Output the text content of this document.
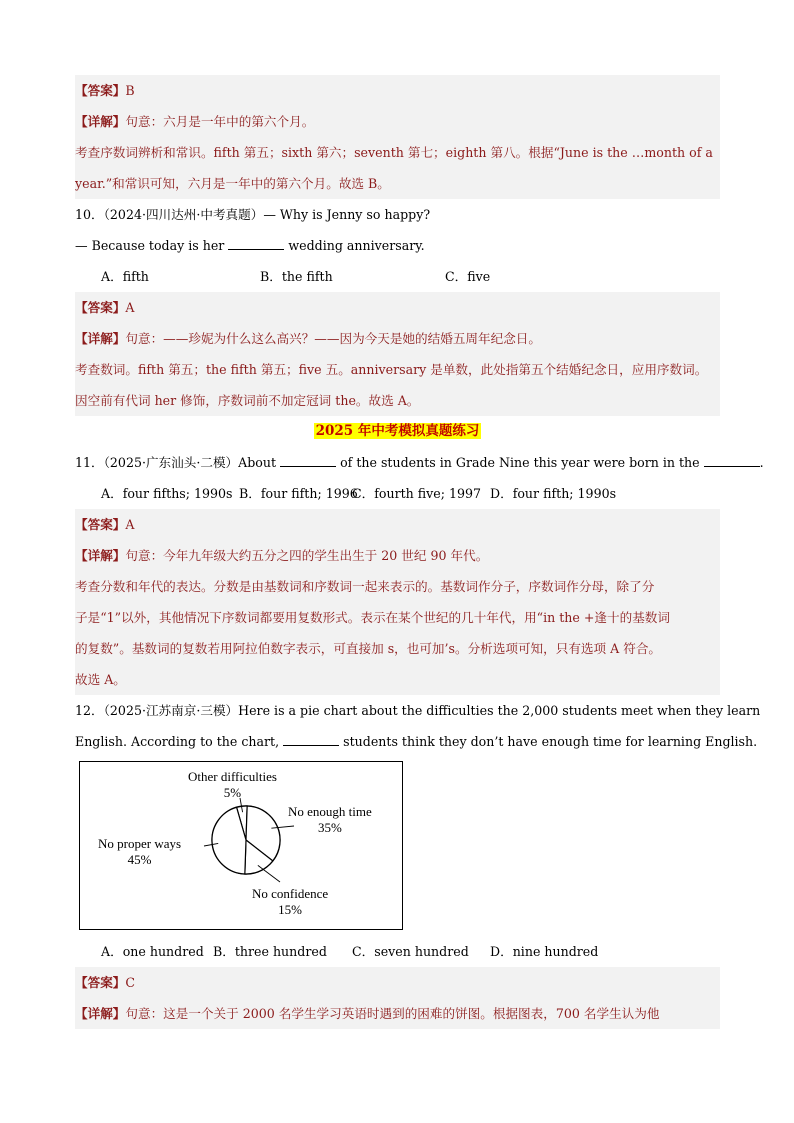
【答案】B
【详解】句意：六月是一年中的第六个月。
考查序数词辨析和常识。fifth 第五；sixth 第六；seventh 第七；eighth 第八。根据“June is the …month of a
year.”和常识可知，六月是一年中的第六个月。故选 B。
10．（2024·四川达州·中考真题）— Why is Jenny so happy?
— Because today is her	wedding anniversary.
A．fifth	B．the fifth	C．five
【答案】A
【详解】句意：——珍妮为什么这么高兴？——因为今天是她的结婚五周年纪念日。
考查数词。fifth 第五；the fifth 第五；five 五。anniversary 是单数，此处指第五个结婚纪念日，应用序数词。
因空前有代词 her 修饰，序数词前不加定冠词 the。故选 A。
2025 年中考模拟真题练习
11．（2025·广东汕头·二模）About	of the students in Grade Nine this year were born in the	.
A．four fifths; 1990s B．four fifth; 1996
C．fourth five; 1997 D．four fifth; 1990s
【答案】A
【详解】句意：今年九年级大约五分之四的学生出生于 20 世纪 90 年代。
考查分数和年代的表达。分数是由基数词和序数词一起来表示的。基数词作分子，序数词作分母，除了分
子是“1”以外，其他情况下序数词都要用复数形式。表示在某个世纪的几十年代，用“in the +逢十的基数词
的复数”。基数词的复数若用阿拉伯数字表示，可直接加 s，也可加’s。分析选项可知，只有选项 A 符合。
故选 A。
12．（2025·江苏南京·三模）Here is a pie chart about the difficulties the 2,000 students meet when they learn
English. According to the chart,	students think they don’t have enough time for learning English.
Other difficulties
5%
No enough time
35%
No confidence
15%
No proper ways
45%
A．one hundred B．three hundred C．seven hundred D．nine hundred
【答案】C
【详解】句意：这是一个关于 2000 名学生学习英语时遇到的困难的饼图。根据图表，700 名学生认为他
